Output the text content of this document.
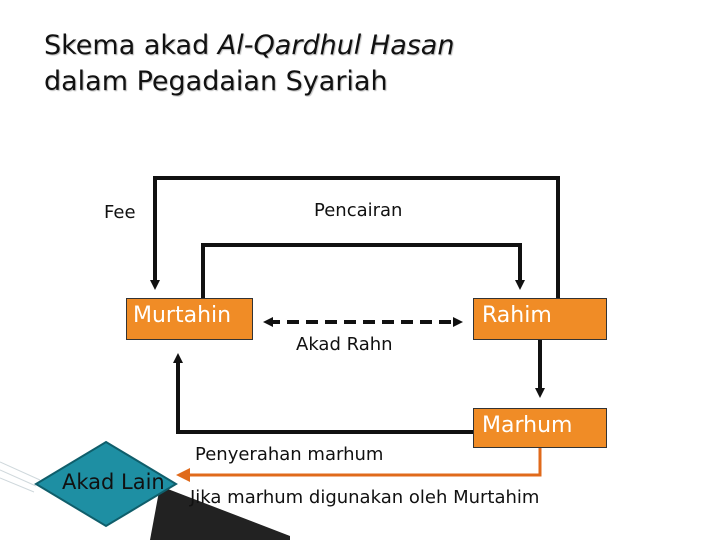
Skema akad Al-Qardhul Hasan
dalam Pegadaian Syariah
Murtahin	Rahim
Marhum
Akad Lain
Fee	Pencairan
Akad Rahn
Penyerahan marhum
Jika marhum digunakan oleh Murtahim
